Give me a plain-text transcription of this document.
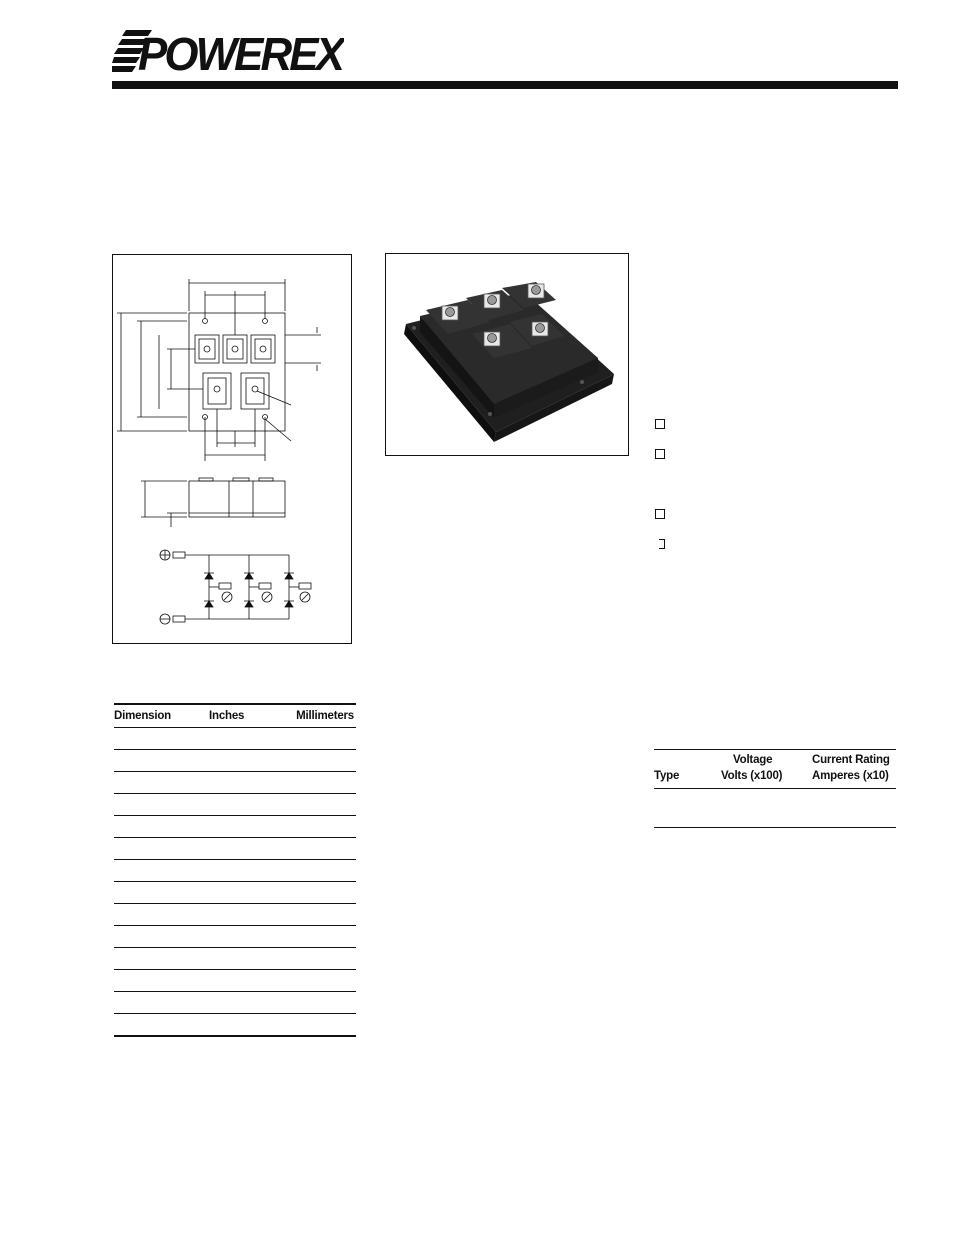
POWEREX
Dimension	Inches	Millimeters
Type
Voltage
Volts (x100)
Current Rating
Amperes (x10)
